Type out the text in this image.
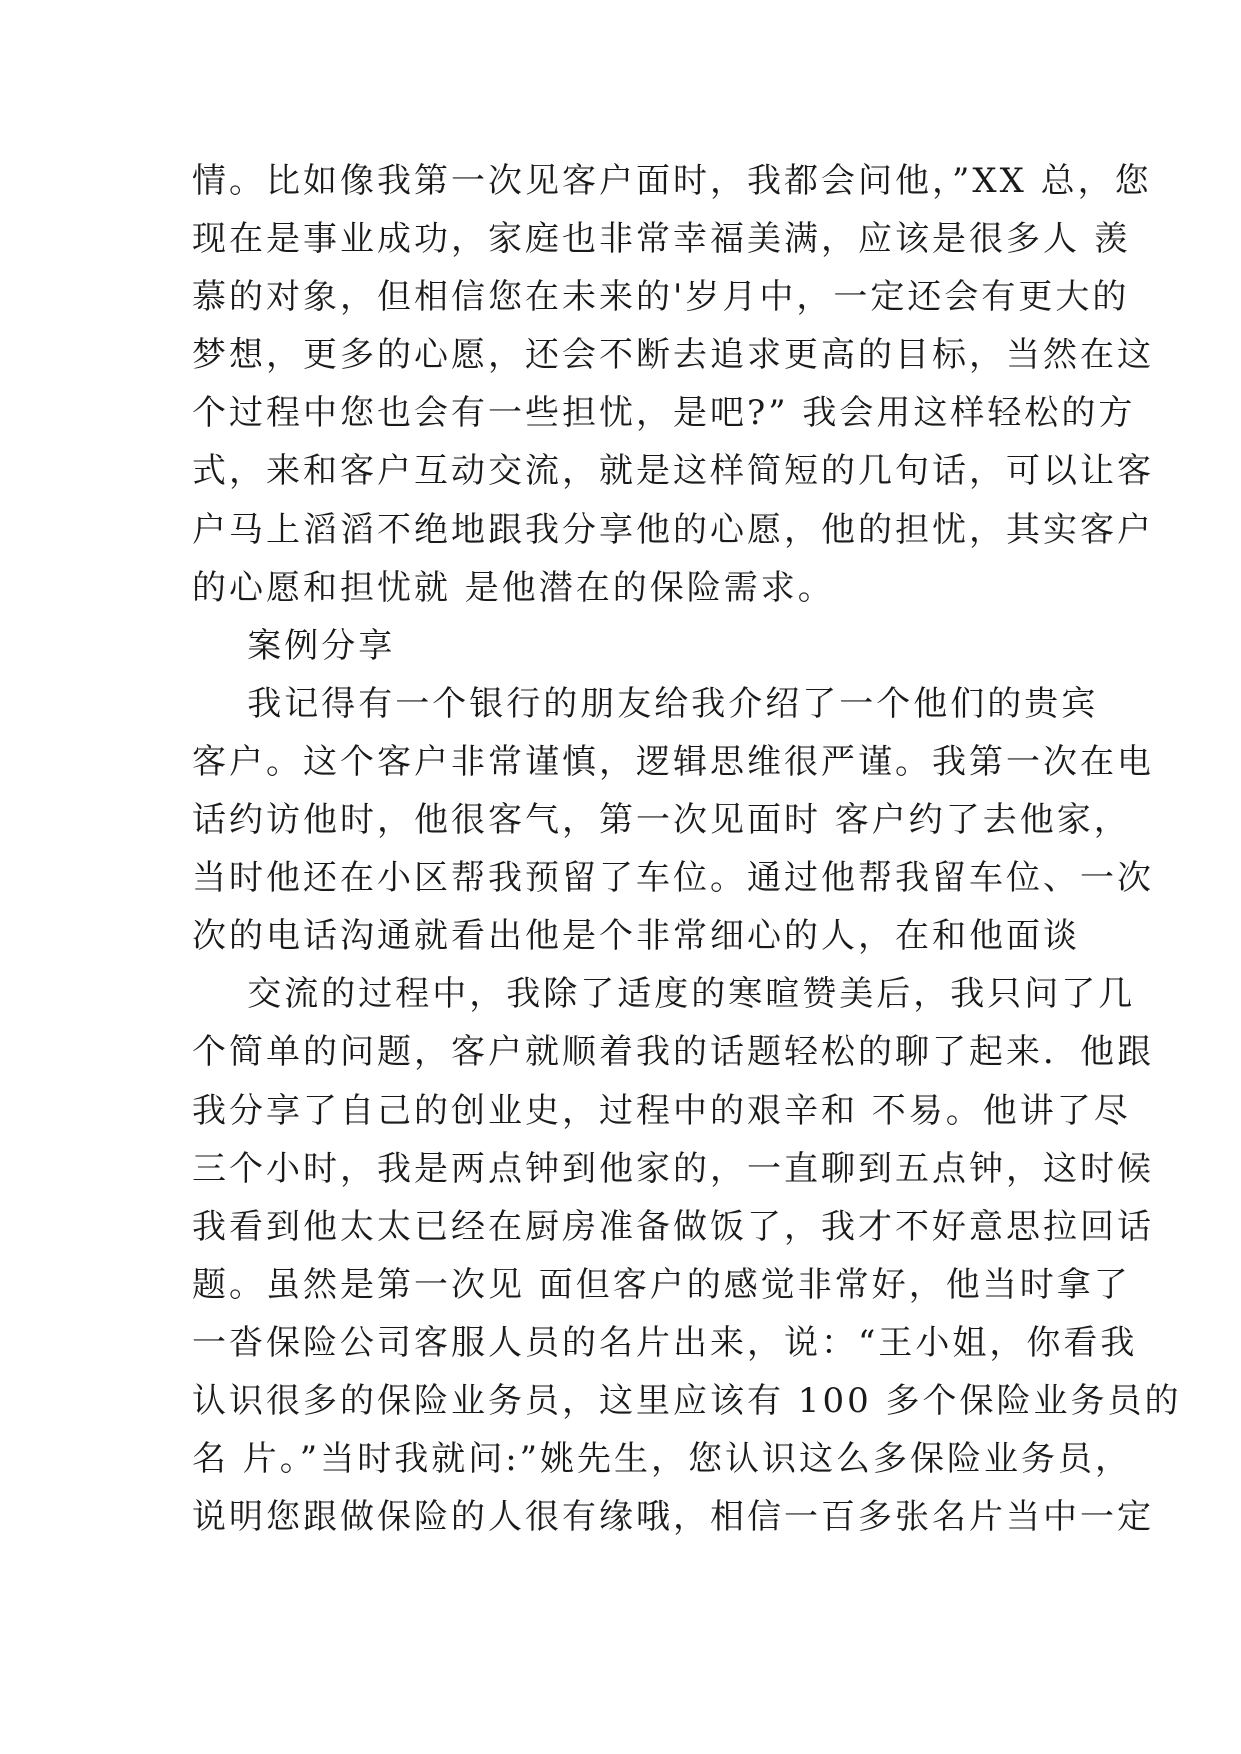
情。比如像我第一次见客户面时，我都会问他，”XX 总，您
现在是事业成功，家庭也非常幸福美满，应该是很多人 羡
慕的对象，但相信您在未来的'岁月中，一定还会有更大的
梦想，更多的心愿，还会不断去追求更高的目标，当然在这
个过程中您也会有一些担忧，是吧?” 我会用这样轻松的方
式，来和客户互动交流，就是这样简短的几句话，可以让客
户马上滔滔不绝地跟我分享他的心愿，他的担忧，其实客户
的心愿和担忧就 是他潜在的保险需求。
案例分享
我记得有一个银行的朋友给我介绍了一个他们的贵宾
客户。这个客户非常谨慎，逻辑思维很严谨。我第一次在电
话约访他时，他很客气，第一次见面时 客户约了去他家，
当时他还在小区帮我预留了车位。通过他帮我留车位、一次
次的电话沟通就看出他是个非常细心的人，在和他面谈
交流的过程中，我除了适度的寒暄赞美后，我只问了几
个简单的问题，客户就顺着我的话题轻松的聊了起来．他跟
我分享了自己的创业史，过程中的艰辛和 不易。他讲了尽
三个小时，我是两点钟到他家的，一直聊到五点钟，这时候
我看到他太太已经在厨房准备做饭了，我才不好意思拉回话
题。虽然是第一次见 面但客户的感觉非常好，他当时拿了
一沓保险公司客服人员的名片出来，说：“王小姐，你看我
认识很多的保险业务员，这里应该有 100 多个保险业务员的
名 片。”当时我就问:”姚先生，您认识这么多保险业务员，
说明您跟做保险的人很有缘哦，相信一百多张名片当中一定
